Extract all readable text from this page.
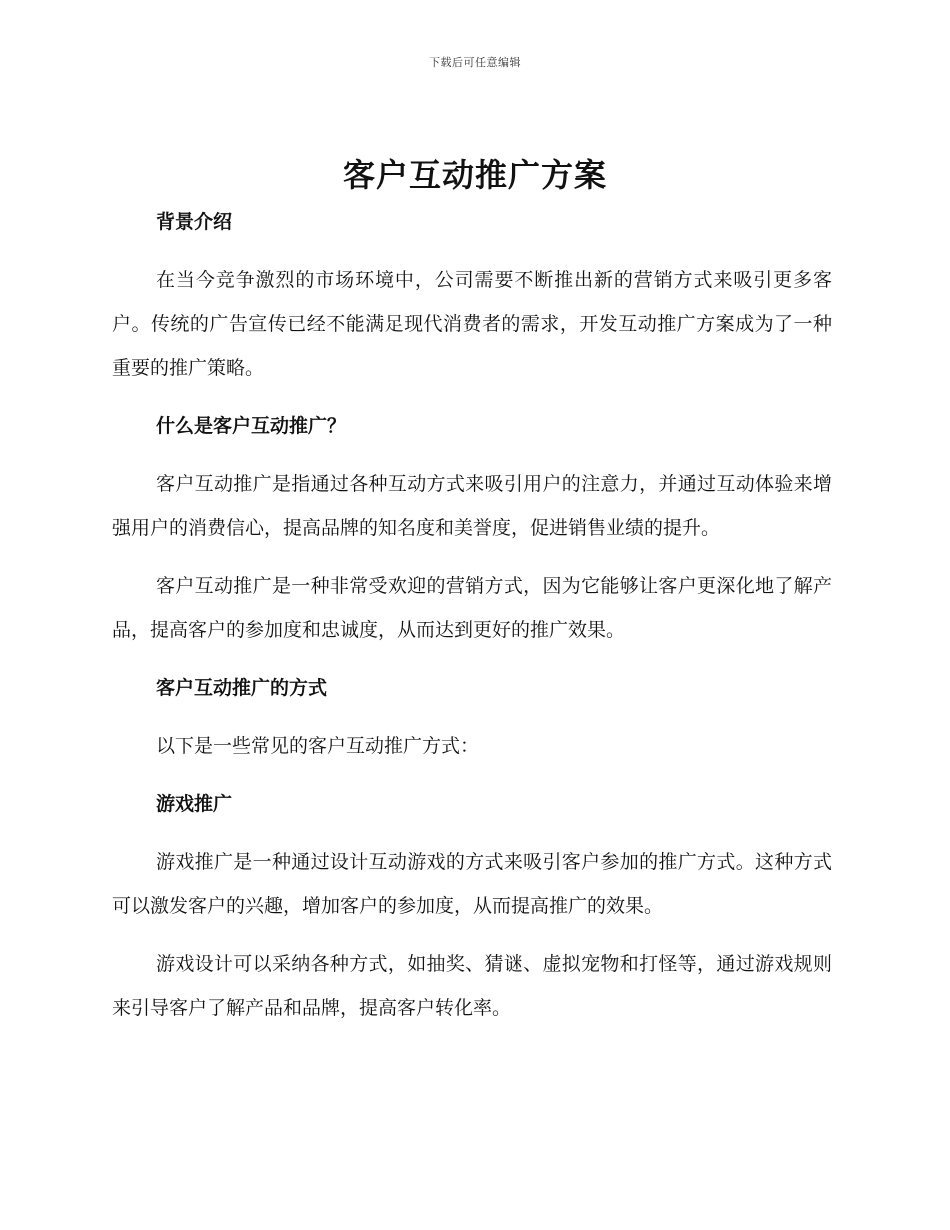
下载后可任意编辑
客户互动推广方案
背景介绍

在当今竞争激烈的市场环境中，公司需要不断推出新的营销方式来吸引更多客户。传统的广告宣传已经不能满足现代消费者的需求，开发互动推广方案成为了一种重要的推广策略。

什么是客户互动推广？

客户互动推广是指通过各种互动方式来吸引用户的注意力，并通过互动体验来增强用户的消费信心，提高品牌的知名度和美誉度，促进销售业绩的提升。

客户互动推广是一种非常受欢迎的营销方式，因为它能够让客户更深化地了解产品，提高客户的参加度和忠诚度，从而达到更好的推广效果。

客户互动推广的方式

以下是一些常见的客户互动推广方式：

游戏推广

游戏推广是一种通过设计互动游戏的方式来吸引客户参加的推广方式。这种方式可以激发客户的兴趣，增加客户的参加度，从而提高推广的效果。

游戏设计可以采纳各种方式，如抽奖、猜谜、虚拟宠物和打怪等，通过游戏规则来引导客户了解产品和品牌，提高客户转化率。
